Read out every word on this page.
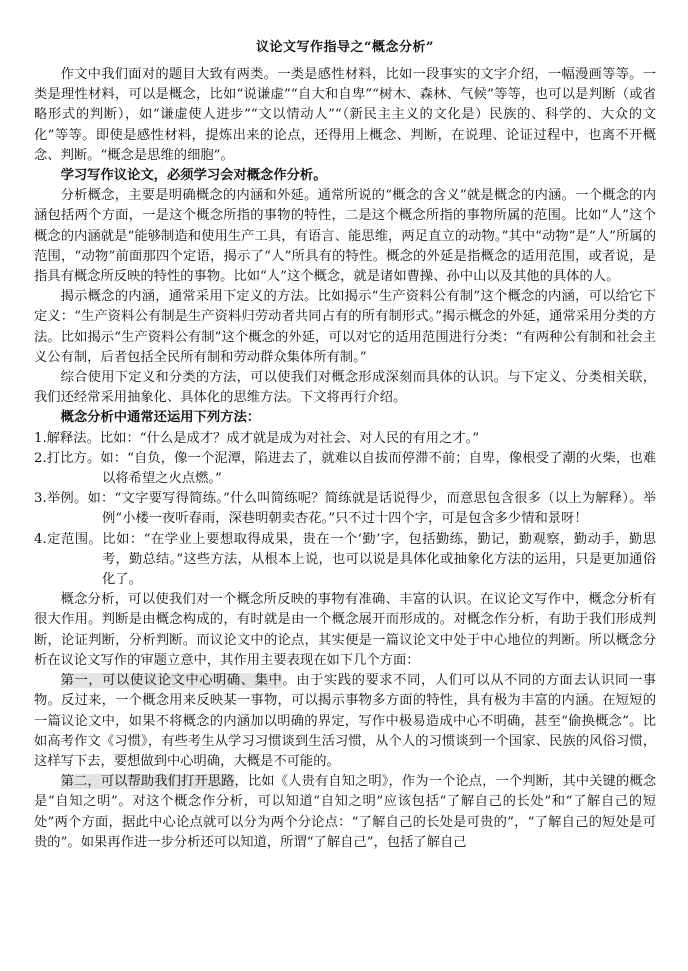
议论文写作指导之“概念分析”

作文中我们面对的题目大致有两类。一类是感性材料，比如一段事实的文字介绍，一幅漫画等等。一类是理性材料，可以是概念，比如“说谦虚”“自大和自卑”“树木、森林、气候”等等，也可以是判断（或省略形式的判断），如“谦虚使人进步”“文以情动人”“（新民主主义的文化是）民族的、科学的、大众的文化”等等。即使是感性材料，提炼出来的论点，还得用上概念、判断，在说理、论证过程中，也离不开概念、判断。“概念是思维的细胞”。

学习写作议论文，必须学习会对概念作分析。

分析概念，主要是明确概念的内涵和外延。通常所说的“概念的含义”就是概念的内涵。一个概念的内涵包括两个方面，一是这个概念所指的事物的特性，二是这个概念所指的事物所属的范围。比如“人”这个概念的内涵就是“能够制造和使用生产工具，有语言、能思维，两足直立的动物。”其中“动物”是“人”所属的范围，“动物”前面那四个定语，揭示了“人”所具有的特性。概念的外延是指概念的适用范围，或者说，是指具有概念所反映的特性的事物。比如“人”这个概念，就是诸如曹操、孙中山以及其他的具体的人。

揭示概念的内涵，通常采用下定义的方法。比如揭示“生产资料公有制”这个概念的内涵，可以给它下定义：“生产资料公有制是生产资料归劳动者共同占有的所有制形式。”揭示概念的外延，通常采用分类的方法。比如揭示“生产资料公有制”这个概念的外延，可以对它的适用范围进行分类：“有两种公有制和社会主义公有制，后者包括全民所有制和劳动群众集体所有制。”

综合使用下定义和分类的方法，可以使我们对概念形成深刻而具体的认识。与下定义、分类相关联，我们还经常采用抽象化、具体化的思维方法。下文将再行介绍。

概念分析中通常还运用下列方法：

1.解释法。比如：“什么是成才？成才就是成为对社会、对人民的有用之才。”

2.打比方。如：“自负，像一个泥潭，陷进去了，就难以自拔而停滞不前；自卑，像根受了潮的火柴，也难以将希望之火点燃。”

3.举例。如：“文字要写得简练。”什么叫简练呢？简练就是话说得少，而意思包含很多（以上为解释）。举例“小楼一夜听春雨，深巷明朝卖杏花。”只不过十四个字，可是包含多少情和景呀！

4.定范围。比如：“在学业上要想取得成果，贵在一个‘勤’字，包括勤练，勤记，勤观察，勤动手，勤思考，勤总结。”这些方法，从根本上说，也可以说是具体化或抽象化方法的运用，只是更加通俗化了。

概念分析，可以使我们对一个概念所反映的事物有准确、丰富的认识。在议论文写作中，概念分析有很大作用。判断是由概念构成的，有时就是由一个概念展开而形成的。对概念作分析，有助于我们形成判断，论证判断，分析判断。而议论文中的论点，其实便是一篇议论文中处于中心地位的判断。所以概念分析在议论文写作的审题立意中，其作用主要表现在如下几个方面：

第一，可以使议论文中心明确、集中。由于实践的要求不同，人们可以从不同的方面去认识同一事物。反过来，一个概念用来反映某一事物，可以揭示事物多方面的特性，具有极为丰富的内涵。在短短的一篇议论文中，如果不将概念的内涵加以明确的界定，写作中极易造成中心不明确，甚至“偷换概念”。比如高考作文《习惯》，有些考生从学习习惯谈到生活习惯，从个人的习惯谈到一个国家、民族的风俗习惯，这样写下去，要想做到中心明确，大概是不可能的。

第二，可以帮助我们打开思路，比如《人贵有自知之明》，作为一个论点，一个判断，其中关键的概念是“自知之明”。对这个概念作分析，可以知道“自知之明”应该包括“了解自己的长处”和“了解自己的短处”两个方面，据此中心论点就可以分为两个分论点：“了解自己的长处是可贵的”，“了解自己的短处是可贵的”。如果再作进一步分析还可以知道，所谓“了解自己”，包括了解自己
